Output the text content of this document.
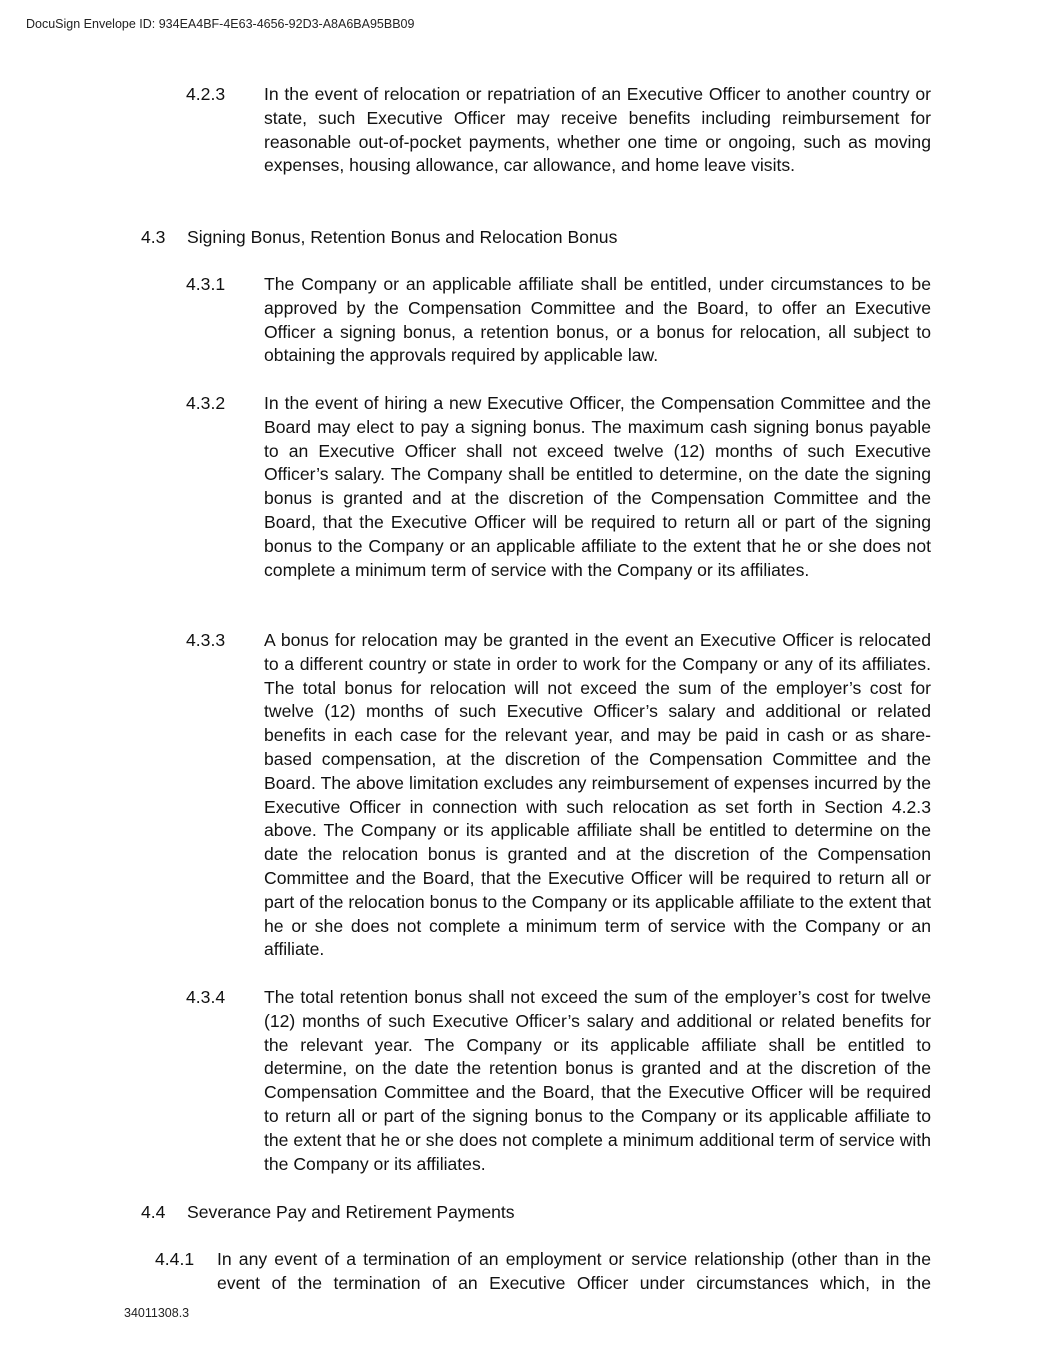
DocuSign Envelope ID: 934EA4BF-4E63-4656-92D3-A8A6BA95BB09
4.2.3 In the event of relocation or repatriation of an Executive Officer to another country or state, such Executive Officer may receive benefits including reimbursement for reasonable out-of-pocket payments, whether one time or ongoing, such as moving expenses, housing allowance, car allowance, and home leave visits.
4.3 Signing Bonus, Retention Bonus and Relocation Bonus
4.3.1 The Company or an applicable affiliate shall be entitled, under circumstances to be approved by the Compensation Committee and the Board, to offer an Executive Officer a signing bonus, a retention bonus, or a bonus for relocation, all subject to obtaining the approvals required by applicable law.
4.3.2 In the event of hiring a new Executive Officer, the Compensation Committee and the Board may elect to pay a signing bonus. The maximum cash signing bonus payable to an Executive Officer shall not exceed twelve (12) months of such Executive Officer’s salary. The Company shall be entitled to determine, on the date the signing bonus is granted and at the discretion of the Compensation Committee and the Board, that the Executive Officer will be required to return all or part of the signing bonus to the Company or an applicable affiliate to the extent that he or she does not complete a minimum term of service with the Company or its affiliates.
4.3.3 A bonus for relocation may be granted in the event an Executive Officer is relocated to a different country or state in order to work for the Company or any of its affiliates. The total bonus for relocation will not exceed the sum of the employer’s cost for twelve (12) months of such Executive Officer’s salary and additional or related benefits in each case for the relevant year, and may be paid in cash or as share-based compensation, at the discretion of the Compensation Committee and the Board. The above limitation excludes any reimbursement of expenses incurred by the Executive Officer in connection with such relocation as set forth in Section 4.2.3 above. The Company or its applicable affiliate shall be entitled to determine on the date the relocation bonus is granted and at the discretion of the Compensation Committee and the Board, that the Executive Officer will be required to return all or part of the relocation bonus to the Company or its applicable affiliate to the extent that he or she does not complete a minimum term of service with the Company or an affiliate.
4.3.4 The total retention bonus shall not exceed the sum of the employer’s cost for twelve (12) months of such Executive Officer’s salary and additional or related benefits for the relevant year. The Company or its applicable affiliate shall be entitled to determine, on the date the retention bonus is granted and at the discretion of the Compensation Committee and the Board, that the Executive Officer will be required to return all or part of the signing bonus to the Company or its applicable affiliate to the extent that he or she does not complete a minimum additional term of service with the Company or its affiliates.
4.4 Severance Pay and Retirement Payments
4.4.1 In any event of a termination of an employment or service relationship (other than in the event of the termination of an Executive Officer under circumstances which, in the
34011308.3
